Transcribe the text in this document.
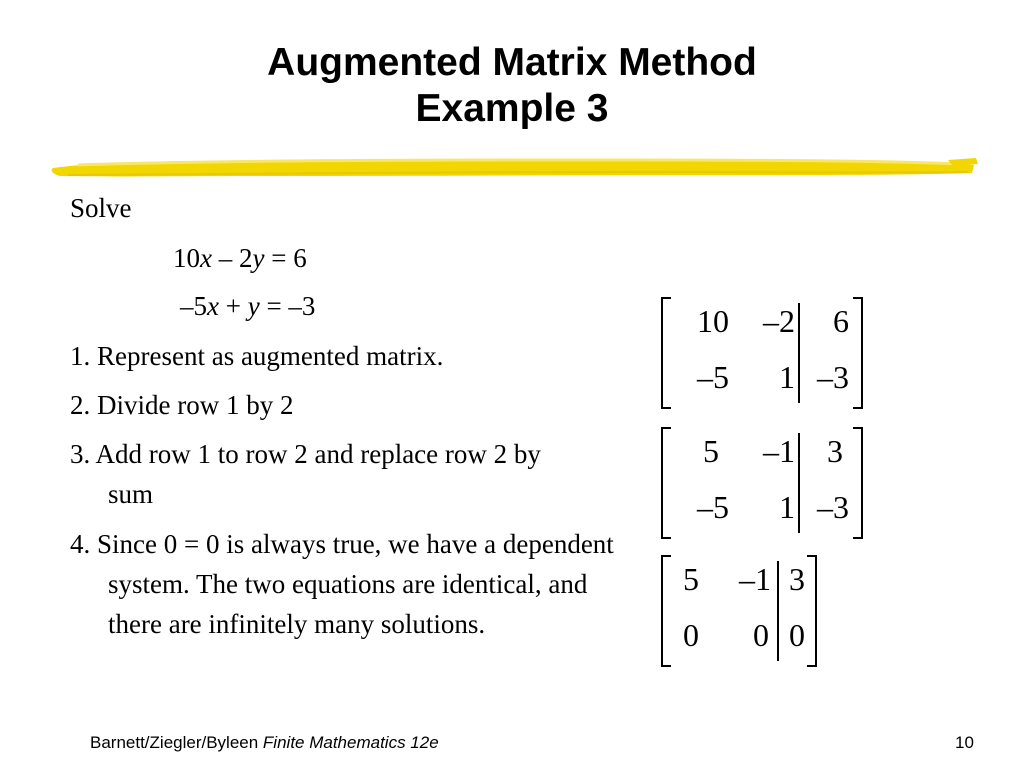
Augmented Matrix Method
Example 3
Solve
10x – 2y = 6
–5x + y = –3
1. Represent as augmented matrix.
2. Divide row 1 by 2
3. Add row 1 to row 2 and replace row 2 by sum
4. Since 0 = 0 is always true, we have a dependent system. The two equations are identical, and there are infinitely many solutions.
10	–2	6
–5	1 –3
5	–1	3
–5	1 –3
5	–1 3
0	0 0
Barnett/Ziegler/Byleen Finite Mathematics 12e	10
